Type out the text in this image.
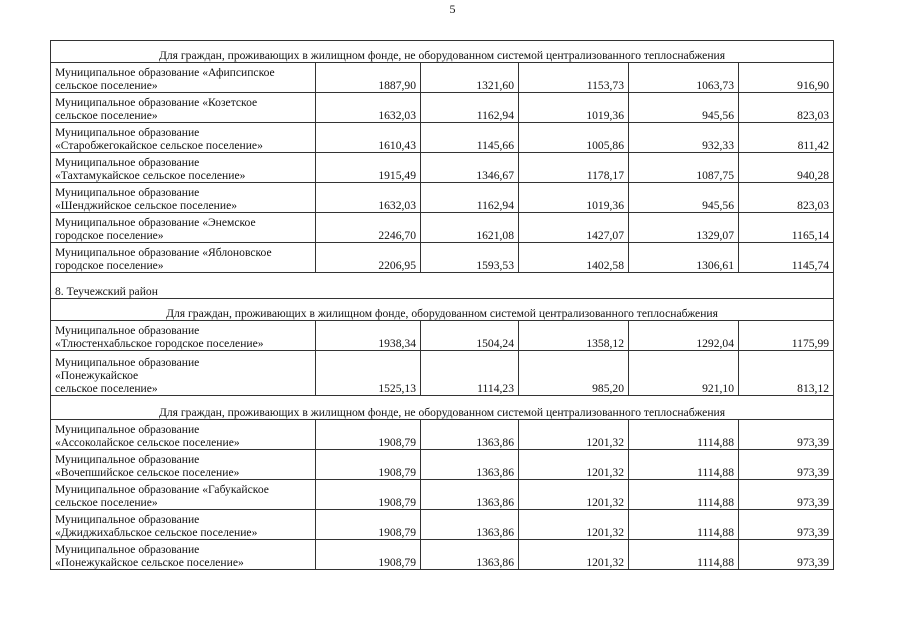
5
Для граждан, проживающих в жилищном фонде, не оборудованном системой централизованного теплоснабжения					
Муниципальное образование «Афипсипское
сельское поселение»	1887,90	1321,60	1153,73	1063,73	916,90
Муниципальное образование «Козетское
сельское поселение»	1632,03	1162,94	1019,36	945,56	823,03
Муниципальное образование
«Старобжегокайское сельское поселение»	1610,43	1145,66	1005,86	932,33	811,42
Муниципальное образование
«Тахтамукайское сельское поселение»	1915,49	1346,67	1178,17	1087,75	940,28
Муниципальное образование
«Шенджийское сельское поселение»	1632,03	1162,94	1019,36	945,56	823,03
Муниципальное образование «Энемское
городское поселение»	2246,70	1621,08	1427,07	1329,07	1165,14
Муниципальное образование «Яблоновское
городское поселение»	2206,95	1593,53	1402,58	1306,61	1145,74
8. Теучежский район					
Для граждан, проживающих в жилищном фонде, оборудованном системой централизованного теплоснабжения					
Муниципальное образование
«Тлюстенхабльское городское поселение»	1938,34	1504,24	1358,12	1292,04	1175,99
Муниципальное образование
«Понежукайское
сельское поселение»	1525,13	1114,23	985,20	921,10	813,12
Для граждан, проживающих в жилищном фонде, не оборудованном системой централизованного теплоснабжения					
Муниципальное образование
«Ассоколайское сельское поселение»	1908,79	1363,86	1201,32	1114,88	973,39
Муниципальное образование
«Вочепшийское сельское поселение»	1908,79	1363,86	1201,32	1114,88	973,39
Муниципальное образование «Габукайское
сельское поселение»	1908,79	1363,86	1201,32	1114,88	973,39
Муниципальное образование
«Джиджихабльское сельское поселение»	1908,79	1363,86	1201,32	1114,88	973,39
Муниципальное образование
«Понежукайское сельское поселение»	1908,79	1363,86	1201,32	1114,88	973,39
